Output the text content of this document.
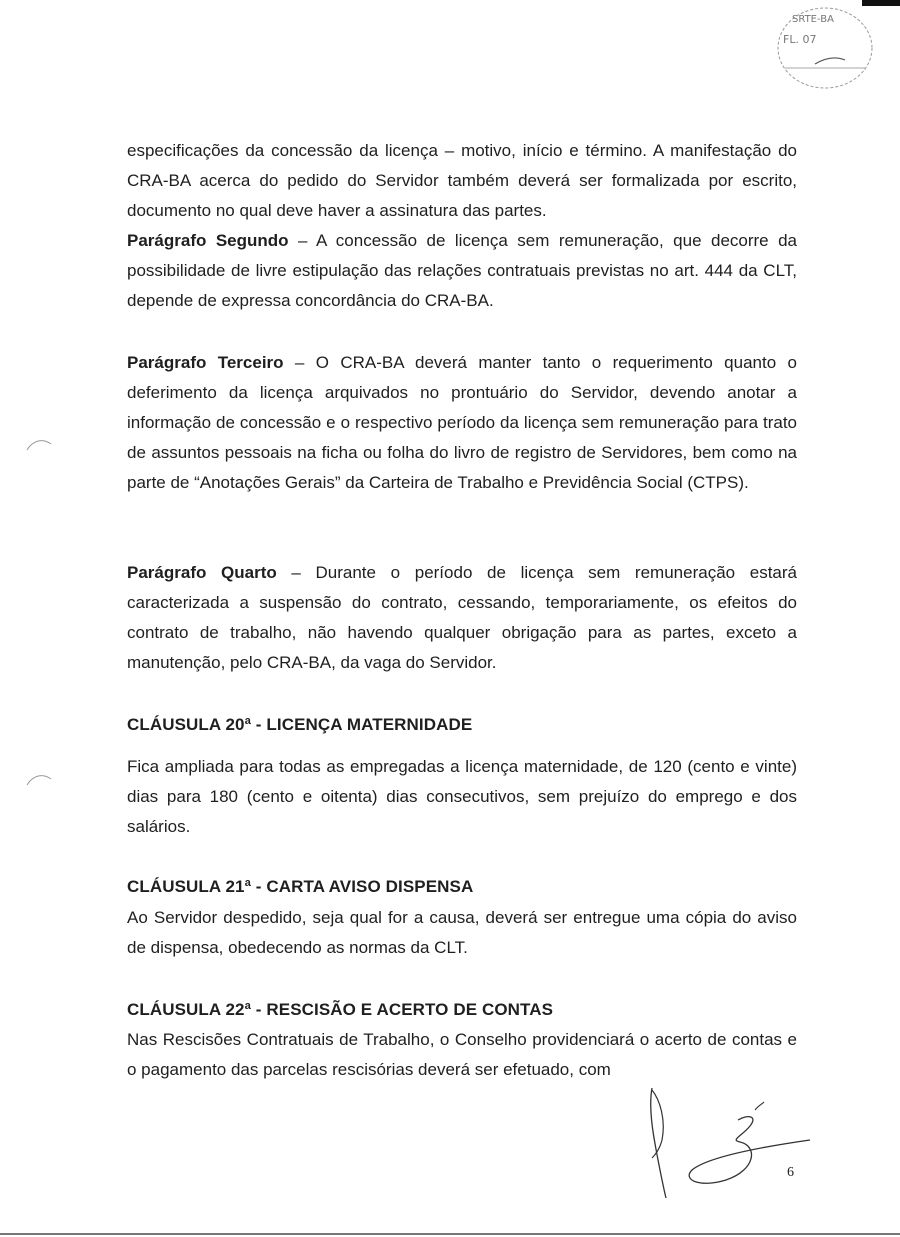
SRTE-BA
FL. 07
especificações da concessão da licença – motivo, início e término. A manifestação do CRA-BA acerca do pedido do Servidor também deverá ser formalizada por escrito, documento no qual deve haver a assinatura das partes.
Parágrafo Segundo – A concessão de licença sem remuneração, que decorre da possibilidade de livre estipulação das relações contratuais previstas no art. 444 da CLT, depende de expressa concordância do CRA-BA.
Parágrafo Terceiro – O CRA-BA deverá manter tanto o requerimento quanto o deferimento da licença arquivados no prontuário do Servidor, devendo anotar a informação de concessão e o respectivo período da licença sem remuneração para trato de assuntos pessoais na ficha ou folha do livro de registro de Servidores, bem como na parte de “Anotações Gerais” da Carteira de Trabalho e Previdência Social (CTPS).
Parágrafo Quarto – Durante o período de licença sem remuneração estará caracterizada a suspensão do contrato, cessando, temporariamente, os efeitos do contrato de trabalho, não havendo qualquer obrigação para as partes, exceto a manutenção, pelo CRA-BA, da vaga do Servidor.
CLÁUSULA 20ª - LICENÇA MATERNIDADE
Fica ampliada para todas as empregadas a licença maternidade, de 120 (cento e vinte) dias para 180 (cento e oitenta) dias consecutivos, sem prejuízo do emprego e dos salários.
CLÁUSULA 21ª - CARTA AVISO DISPENSA
Ao Servidor despedido, seja qual for a causa, deverá ser entregue uma cópia do aviso de dispensa, obedecendo as normas da CLT.
CLÁUSULA 22ª - RESCISÃO E ACERTO DE CONTAS
Nas Rescisões Contratuais de Trabalho, o Conselho providenciará o acerto de contas e o pagamento das parcelas rescisórias deverá ser efetuado, com
6
